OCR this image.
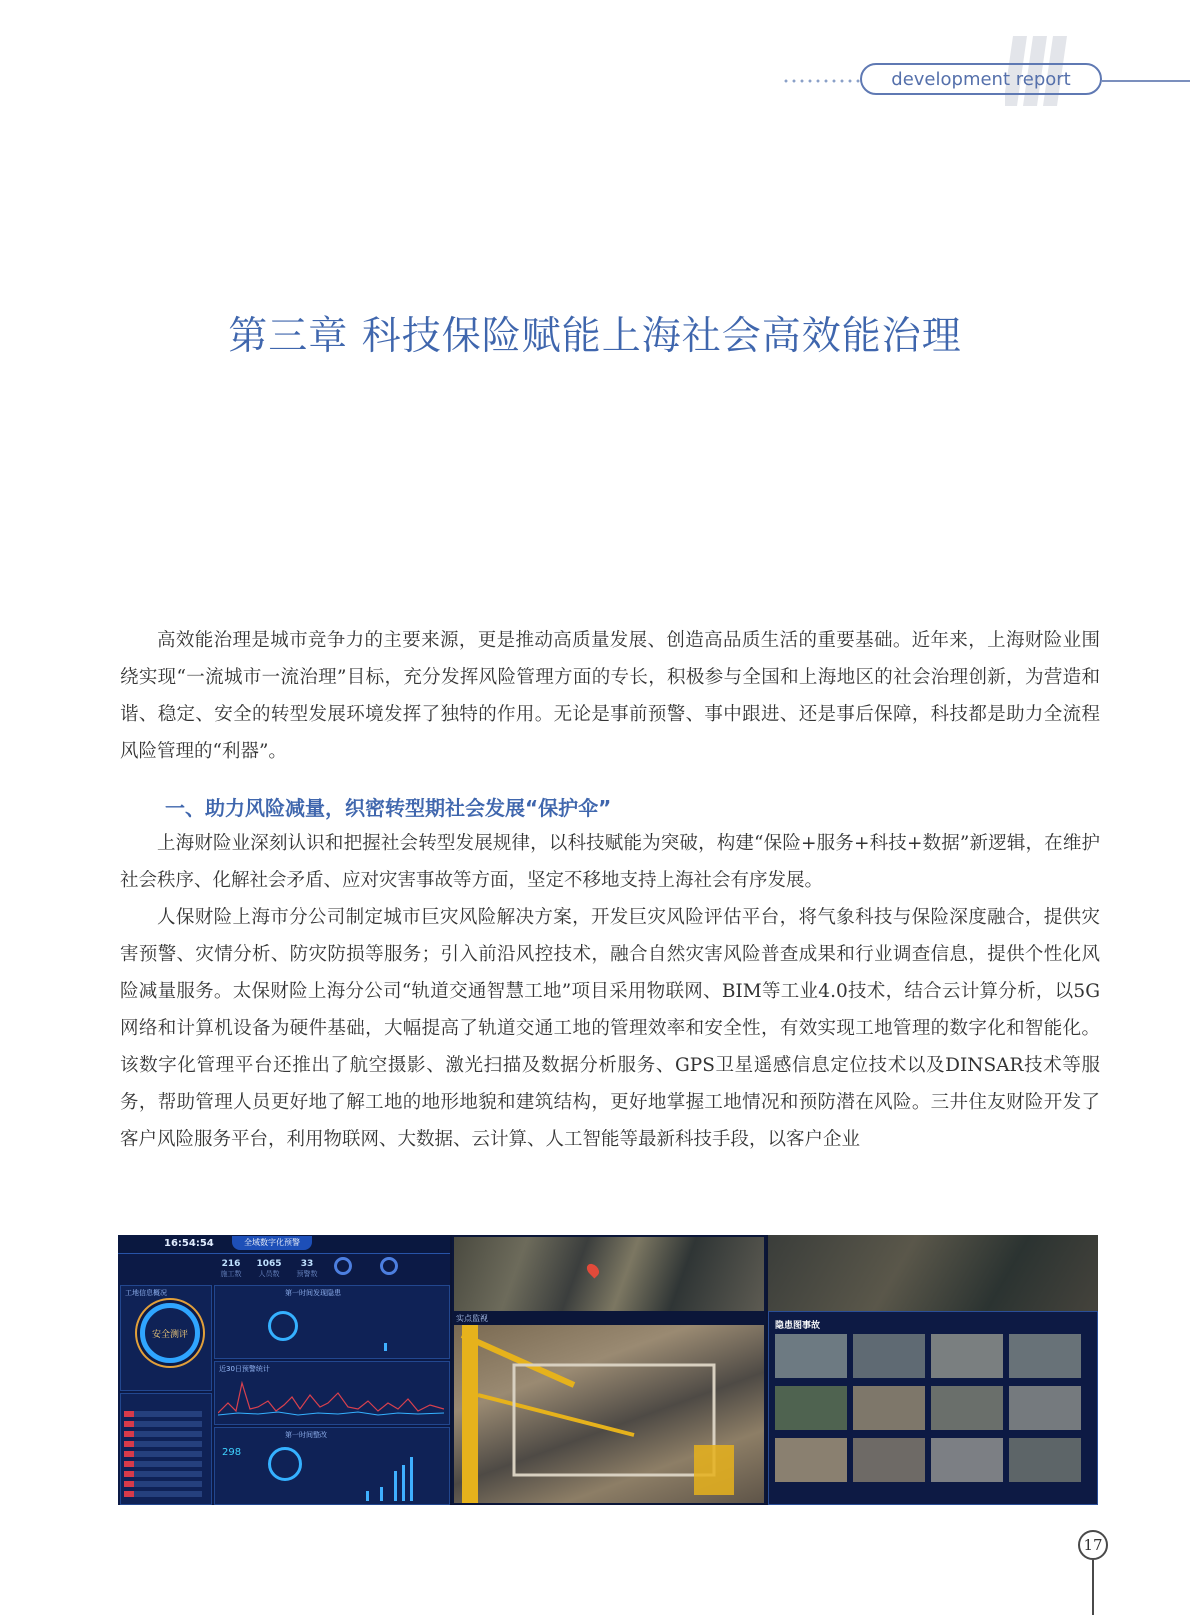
development report
第三章 科技保险赋能上海社会高效能治理

高效能治理是城市竞争力的主要来源，更是推动高质量发展、创造高品质生活的重要基础。近年来，上海财险业围绕实现“一流城市一流治理”目标，充分发挥风险管理方面的专长，积极参与全国和上海地区的社会治理创新，为营造和谐、稳定、安全的转型发展环境发挥了独特的作用。无论是事前预警、事中跟进、还是事后保障，科技都是助力全流程风险管理的“利器”。

一、助力风险减量，织密转型期社会发展“保护伞”

上海财险业深刻认识和把握社会转型发展规律，以科技赋能为突破，构建“保险+服务+科技+数据”新逻辑，在维护社会秩序、化解社会矛盾、应对灾害事故等方面，坚定不移地支持上海社会有序发展。

人保财险上海市分公司制定城市巨灾风险解决方案，开发巨灾风险评估平台，将气象科技与保险深度融合，提供灾害预警、灾情分析、防灾防损等服务；引入前沿风控技术，融合自然灾害风险普查成果和行业调查信息，提供个性化风险减量服务。太保财险上海分公司“轨道交通智慧工地”项目采用物联网、BIM等工业4.0技术，结合云计算分析，以5G网络和计算机设备为硬件基础，大幅提高了轨道交通工地的管理效率和安全性，有效实现工地管理的数字化和智能化。该数字化管理平台还推出了航空摄影、激光扫描及数据分析服务、GPS卫星遥感信息定位技术以及DINSAR技术等服务，帮助管理人员更好地了解工地的地形地貌和建筑结构，更好地掌握工地情况和预防潜在风险。三井住友财险开发了客户风险服务平台，利用物联网、大数据、云计算、人工智能等最新科技手段，以客户企业

16:54:54	全域数字化预警
216
施工数
1065
人员数
33
预警数
工地信息概况
安全测评
第一时间发现隐患
近30日预警统计
第一时间整改
298
实点监视
隐患图事故
17
